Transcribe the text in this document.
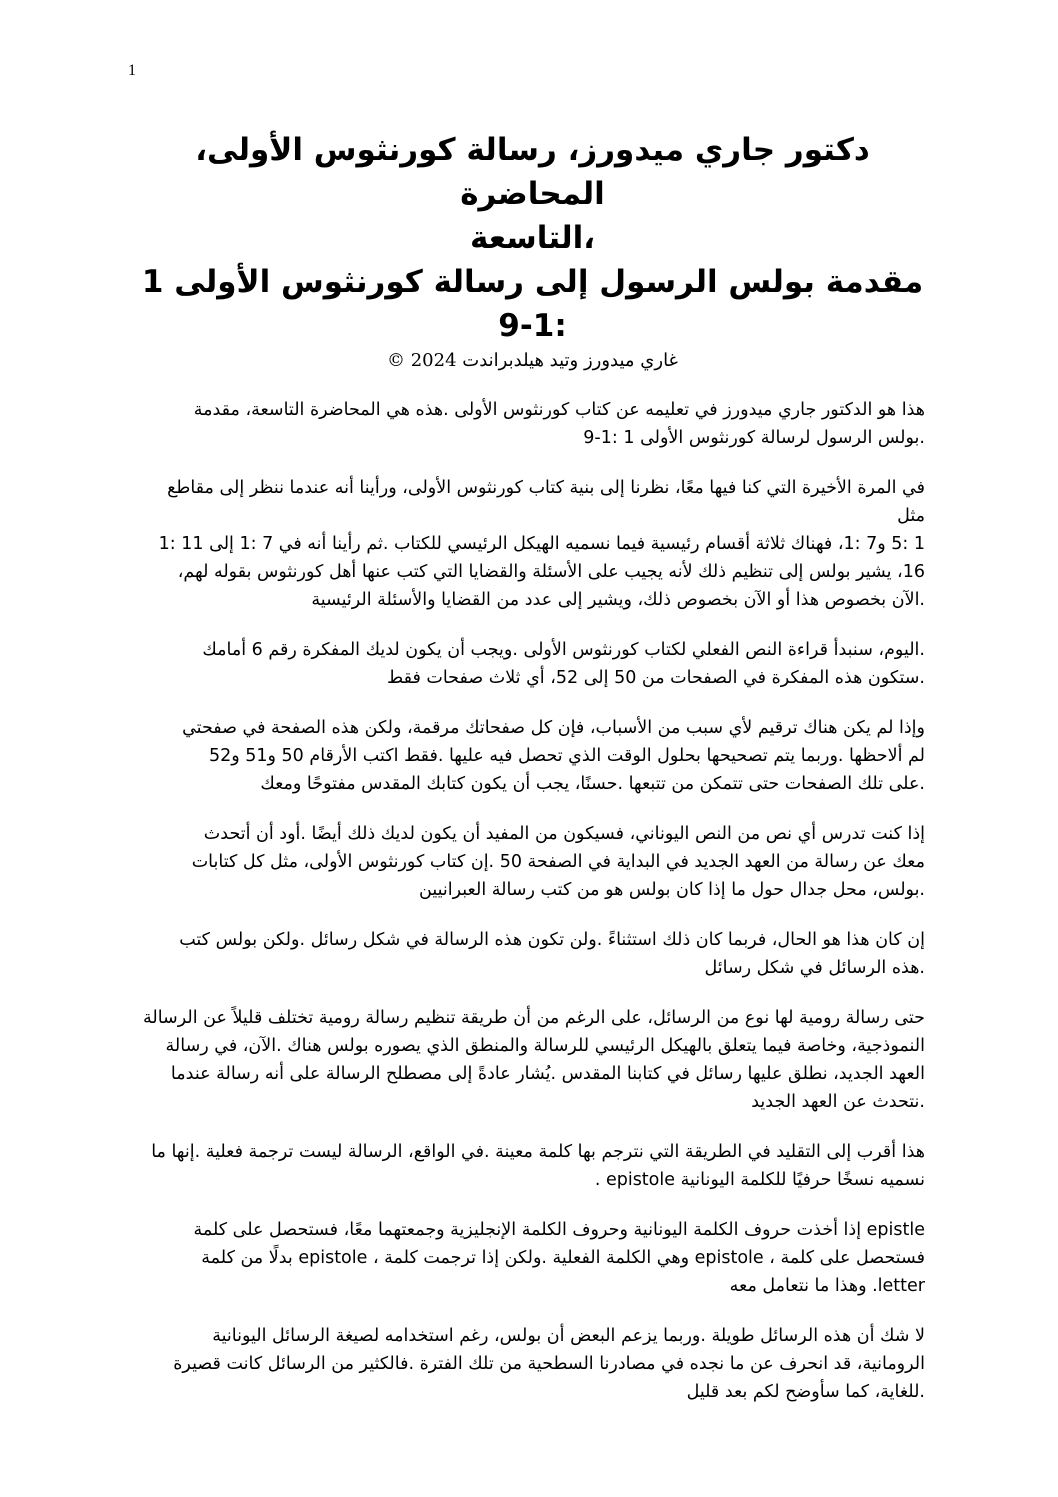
1
دكتور جاري ميدورز، رسالة كورنثوس الأولى، المحاضرة
،التاسعة
مقدمة بولس الرسول إلى رسالة كورنثوس الأولى 1 :1-9
غاري ميدورز وتيد هيلدبراندت 2024 ©
هذا هو الدكتور جاري ميدورز في تعليمه عن كتاب كورنثوس الأولى .هذه هي المحاضرة التاسعة، مقدمة
.بولس الرسول لرسالة كورنثوس الأولى 1 :1-9
في المرة الأخيرة التي كنا فيها معًا، نظرنا إلى بنية كتاب كورنثوس الأولى، ورأينا أنه عندما ننظر إلى مقاطع مثل
1 :5 و7 :1، فهناك ثلاثة أقسام رئيسية فيما نسميه الهيكل الرئيسي للكتاب .ثم رأينا أنه في 7 :1 إلى 11 :1
16، يشير بولس إلى تنظيم ذلك لأنه يجيب على الأسئلة والقضايا التي كتب عنها أهل كورنثوس بقوله لهم،
.الآن بخصوص هذا أو الآن بخصوص ذلك، ويشير إلى عدد من القضايا والأسئلة الرئيسية
.اليوم، سنبدأ قراءة النص الفعلي لكتاب كورنثوس الأولى .ويجب أن يكون لديك المفكرة رقم 6 أمامك
.ستكون هذه المفكرة في الصفحات من 50 إلى 52، أي ثلاث صفحات فقط
وإذا لم يكن هناك ترقيم لأي سبب من الأسباب، فإن كل صفحاتك مرقمة، ولكن هذه الصفحة في صفحتي
لم ألاحظها .وربما يتم تصحيحها بحلول الوقت الذي تحصل فيه عليها .فقط اكتب الأرقام 50 و51 و52
.على تلك الصفحات حتى تتمكن من تتبعها .حسنًا، يجب أن يكون كتابك المقدس مفتوحًا ومعك
إذا كنت تدرس أي نص من النص اليوناني، فسيكون من المفيد أن يكون لديك ذلك أيضًا .أود أن أتحدث
معك عن رسالة من العهد الجديد في البداية في الصفحة 50 .إن كتاب كورنثوس الأولى، مثل كل كتابات
.بولس، محل جدال حول ما إذا كان بولس هو من كتب رسالة العبرانيين
إن كان هذا هو الحال، فربما كان ذلك استثناءً .ولن تكون هذه الرسالة في شكل رسائل .ولكن بولس كتب
.هذه الرسائل في شكل رسائل
حتى رسالة رومية لها نوع من الرسائل، على الرغم من أن طريقة تنظيم رسالة رومية تختلف قليلاً عن الرسالة
النموذجية، وخاصة فيما يتعلق بالهيكل الرئيسي للرسالة والمنطق الذي يصوره بولس هناك .الآن، في رسالة
العهد الجديد، نطلق عليها رسائل في كتابنا المقدس .يُشار عادةً إلى مصطلح الرسالة على أنه رسالة عندما
.نتحدث عن العهد الجديد
هذا أقرب إلى التقليد في الطريقة التي نترجم بها كلمة معينة .في الواقع، الرسالة ليست ترجمة فعلية .إنها ما
نسميه نسخًا حرفيًا للكلمة اليونانية epistole .
epistle إذا أخذت حروف الكلمة اليونانية وحروف الكلمة الإنجليزية وجمعتهما معًا، فستحصل على كلمة
فستحصل على كلمة ، epistole وهي الكلمة الفعلية .ولكن إذا ترجمت كلمة ، epistole بدلًا من كلمة
letter. وهذا ما نتعامل معه
لا شك أن هذه الرسائل طويلة .وربما يزعم البعض أن بولس، رغم استخدامه لصيغة الرسائل اليونانية
الرومانية، قد انحرف عن ما نجده في مصادرنا السطحية من تلك الفترة .فالكثير من الرسائل كانت قصيرة
.للغاية، كما سأوضح لكم بعد قليل
